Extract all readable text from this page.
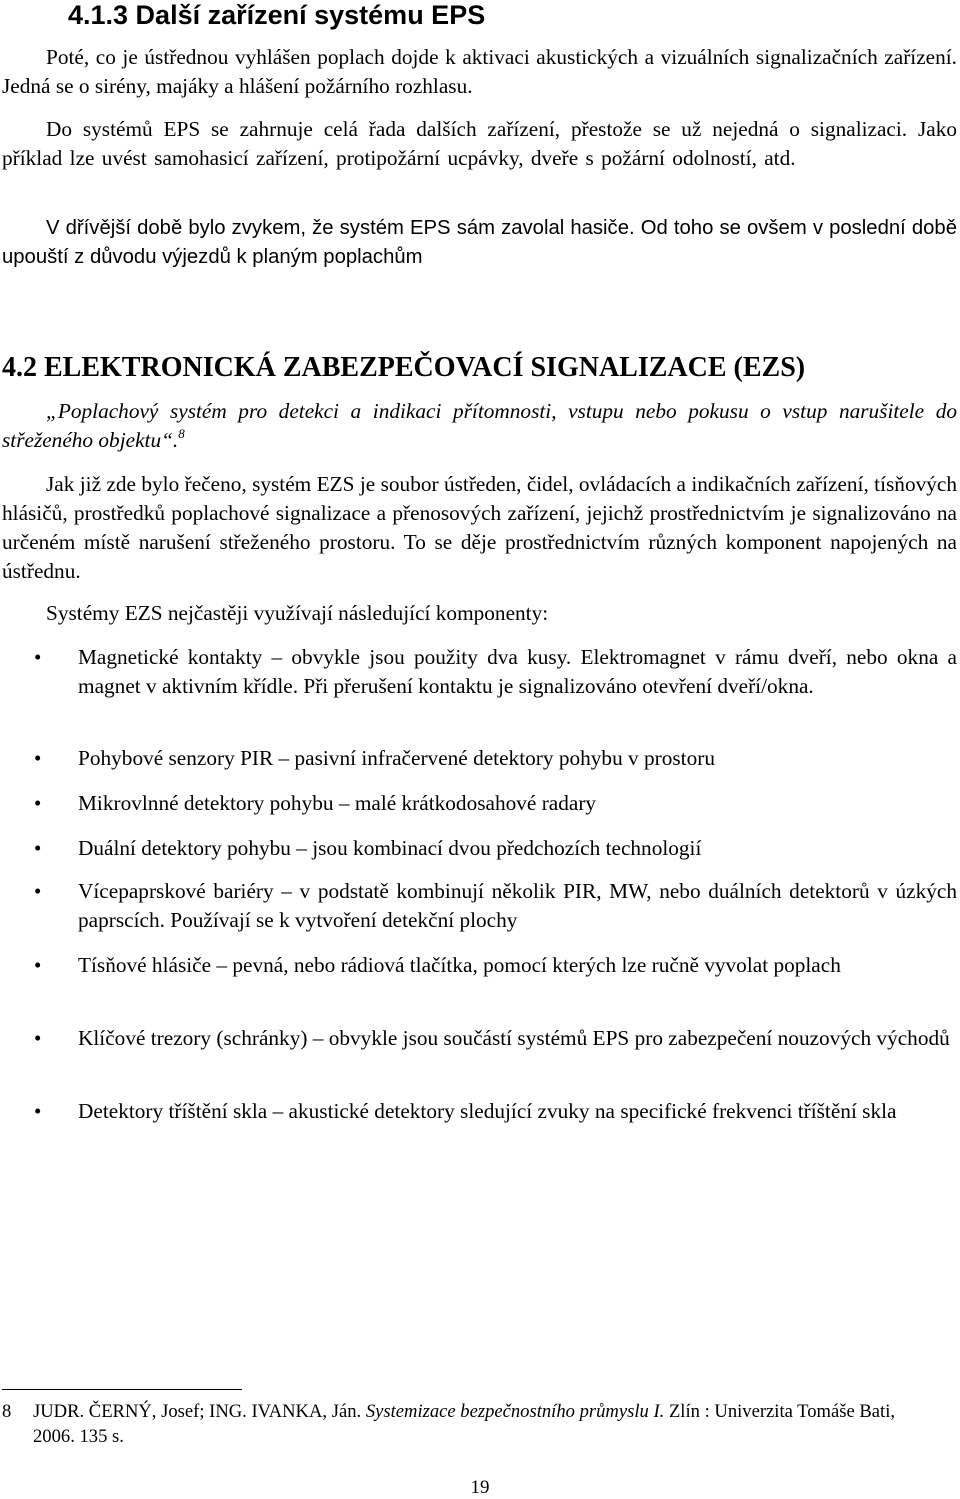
4.1.3 Další zařízení systému EPS

Poté, co je ústřednou vyhlášen poplach dojde k aktivaci akustických a vizuálních signalizačních zařízení. Jedná se o sirény, majáky a hlášení požárního rozhlasu.

Do systémů EPS se zahrnuje celá řada dalších zařízení, přestože se už nejedná o signalizaci. Jako příklad lze uvést samohasicí zařízení, protipožární ucpávky, dveře s požární odolností, atd.

V dřívější době bylo zvykem, že systém EPS sám zavolal hasiče. Od toho se ovšem v poslední době upouští z důvodu výjezdů k planým poplachům

4.2 ELEKTRONICKÁ ZABEZPEČOVACÍ SIGNALIZACE (EZS)

„Poplachový systém pro detekci a indikaci přítomnosti, vstupu nebo pokusu o vstup narušitele do střeženého objektu“.$^8$

Jak již zde bylo řečeno, systém EZS je soubor ústředen, čidel, ovládacích a indikačních zařízení, tísňových hlásičů, prostředků poplachové signalizace a přenosových zařízení, jejichž prostřednictvím je signalizováno na určeném místě narušení střeženého prostoru. To se děje prostřednictvím různých komponent napojených na ústřednu.

Systémy EZS nejčastěji využívají následující komponenty:

• Magnetické kontakty – obvykle jsou použity dva kusy. Elektromagnet v rámu dveří, nebo okna a magnet v aktivním křídle. Při přerušení kontaktu je signalizováno otevření dveří/okna.
• Pohybové senzory PIR – pasivní infračervené detektory pohybu v prostoru
• Mikrovlnné detektory pohybu – malé krátkodosahové radary
• Duální detektory pohybu – jsou kombinací dvou předchozích technologií
• Vícepaprskové bariéry – v podstatě kombinují několik PIR, MW, nebo duálních detektorů v úzkých paprscích. Používají se k vytvoření detekční plochy
• Tísňové hlásiče – pevná, nebo rádiová tlačítka, pomocí kterých lze ručně vyvolat poplach
• Klíčové trezory (schránky) – obvykle jsou součástí systémů EPS pro zabezpečení nouzových východů
• Detektory tříštění skla – akustické detektory sledující zvuky na specifické frekvenci tříštění skla
8 JUDR. ČERNÝ, Josef; ING. IVANKA, Ján. Systemizace bezpečnostního průmyslu I. Zlín : Univerzita Tomáše Bati, 2006. 135 s.
19
